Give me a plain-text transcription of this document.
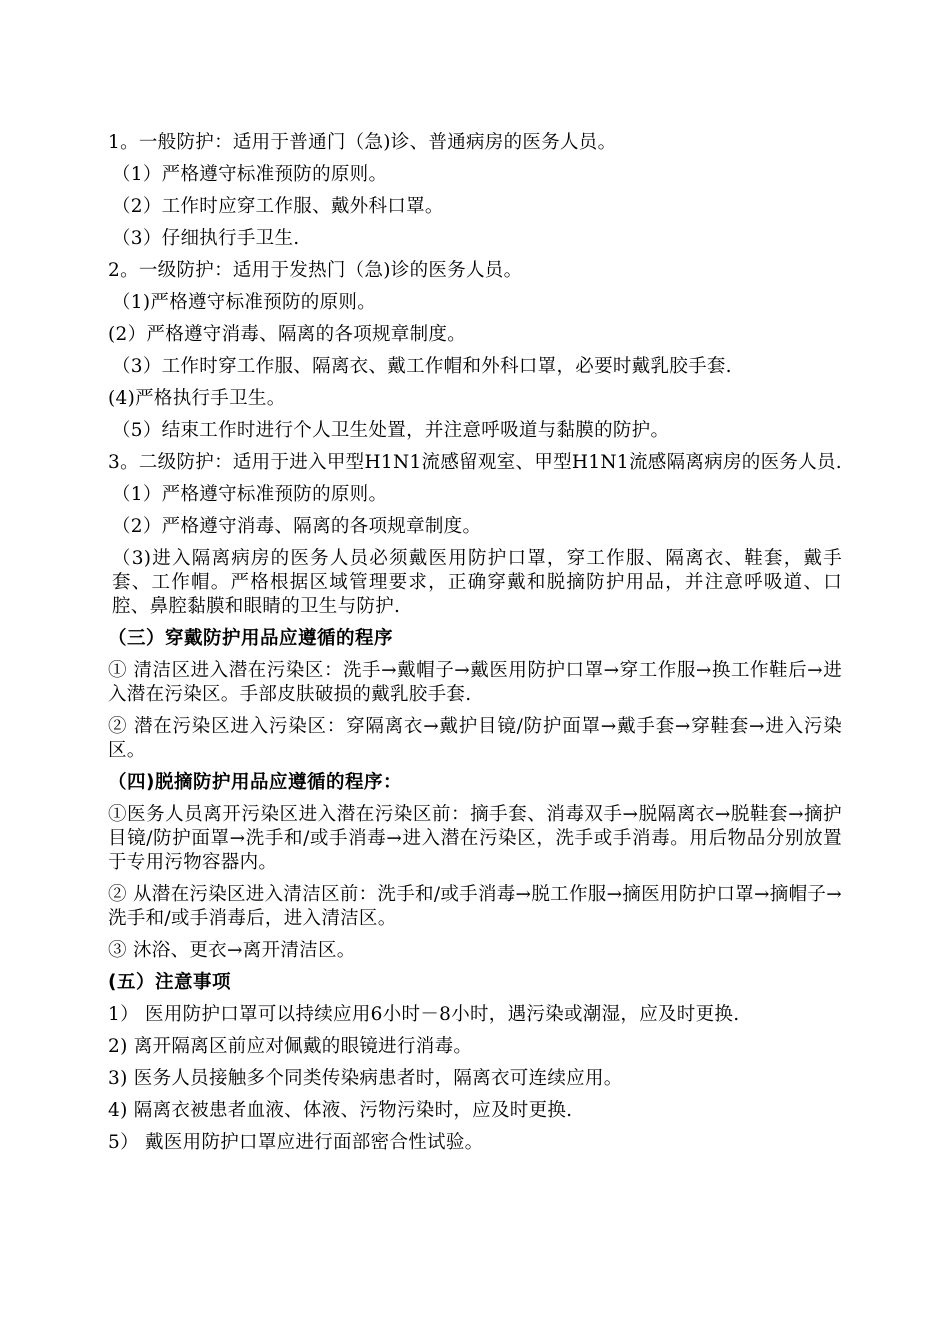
1。一般防护：适用于普通门（急)诊、普通病房的医务人员。

（1）严格遵守标准预防的原则。

（2）工作时应穿工作服、戴外科口罩。

（3）仔细执行手卫生.

2。一级防护：适用于发热门（急)诊的医务人员。

（1)严格遵守标准预防的原则。

(2）严格遵守消毒、隔离的各项规章制度。

（3）工作时穿工作服、隔离衣、戴工作帽和外科口罩，必要时戴乳胶手套.

(4)严格执行手卫生。

（5）结束工作时进行个人卫生处置，并注意呼吸道与黏膜的防护。

3。二级防护：适用于进入甲型H1N1流感留观室、甲型H1N1流感隔离病房的医务人员.

（1）严格遵守标准预防的原则。

（2）严格遵守消毒、隔离的各项规章制度。

（3)进入隔离病房的医务人员必须戴医用防护口罩，穿工作服、隔离衣、鞋套，戴手套、工作帽。严格根据区域管理要求，正确穿戴和脱摘防护用品，并注意呼吸道、口腔、鼻腔黏膜和眼睛的卫生与防护.

（三）穿戴防护用品应遵循的程序

① 清洁区进入潜在污染区：洗手→戴帽子→戴医用防护口罩→穿工作服→换工作鞋后→进入潜在污染区。手部皮肤破损的戴乳胶手套.

② 潜在污染区进入污染区：穿隔离衣→戴护目镜/防护面罩→戴手套→穿鞋套→进入污染区。

（四)脱摘防护用品应遵循的程序：

①医务人员离开污染区进入潜在污染区前：摘手套、消毒双手→脱隔离衣→脱鞋套→摘护目镜/防护面罩→洗手和/或手消毒→进入潜在污染区，洗手或手消毒。用后物品分别放置于专用污物容器内。

② 从潜在污染区进入清洁区前：洗手和/或手消毒→脱工作服→摘医用防护口罩→摘帽子→洗手和/或手消毒后，进入清洁区。

③ 沐浴、更衣→离开清洁区。

(五）注意事项

1） 医用防护口罩可以持续应用6小时－8小时，遇污染或潮湿，应及时更换.

2) 离开隔离区前应对佩戴的眼镜进行消毒。

3) 医务人员接触多个同类传染病患者时，隔离衣可连续应用。

4) 隔离衣被患者血液、体液、污物污染时，应及时更换.

5） 戴医用防护口罩应进行面部密合性试验。
